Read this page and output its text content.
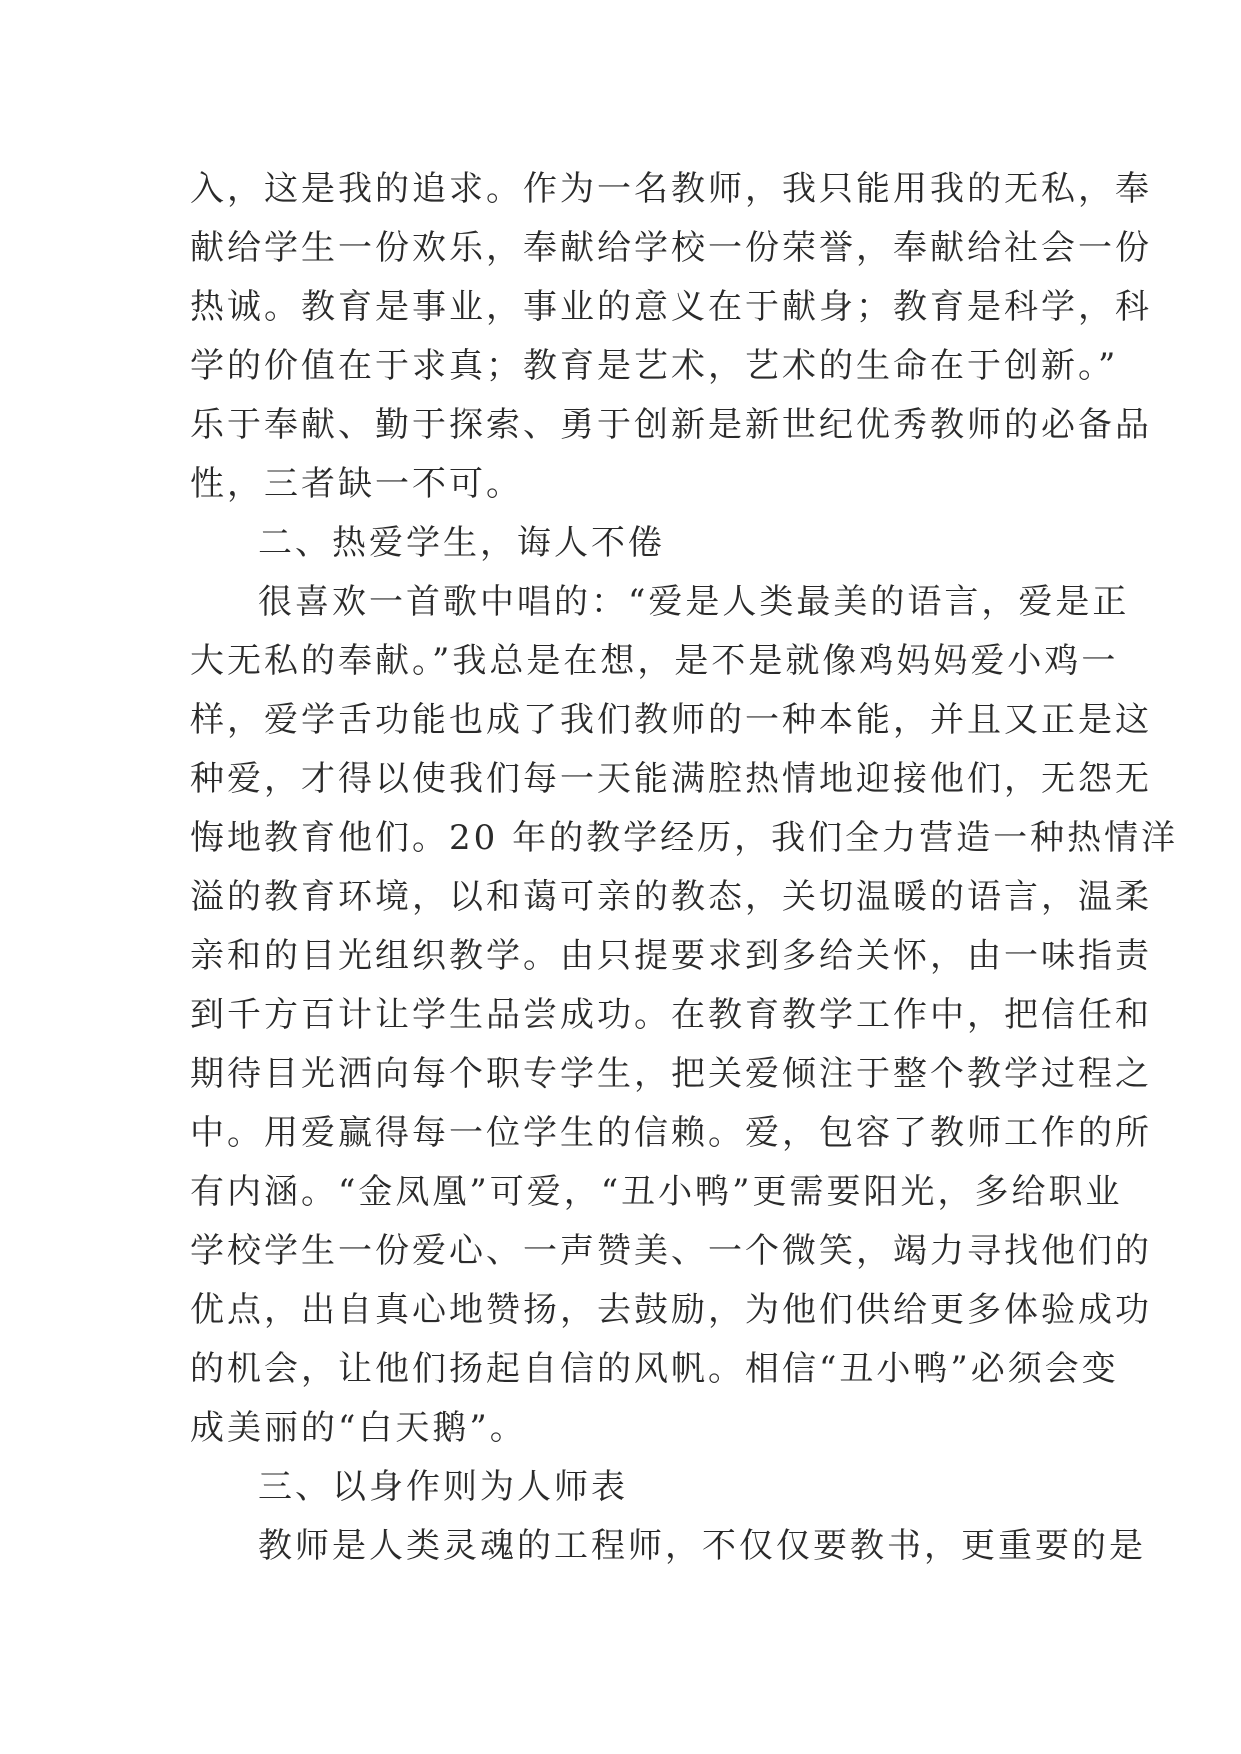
入，这是我的追求。作为一名教师，我只能用我的无私，奉
献给学生一份欢乐，奉献给学校一份荣誉，奉献给社会一份
热诚。教育是事业，事业的意义在于献身；教育是科学，科
学的价值在于求真；教育是艺术，艺术的生命在于创新。”
乐于奉献、勤于探索、勇于创新是新世纪优秀教师的必备品
性，三者缺一不可。
二、热爱学生，诲人不倦
很喜欢一首歌中唱的：“爱是人类最美的语言，爱是正
大无私的奉献。”我总是在想，是不是就像鸡妈妈爱小鸡一
样，爱学舌功能也成了我们教师的一种本能，并且又正是这
种爱，才得以使我们每一天能满腔热情地迎接他们，无怨无
悔地教育他们。20 年的教学经历，我们全力营造一种热情洋
溢的教育环境，以和蔼可亲的教态，关切温暖的语言，温柔
亲和的目光组织教学。由只提要求到多给关怀，由一味指责
到千方百计让学生品尝成功。在教育教学工作中，把信任和
期待目光洒向每个职专学生，把关爱倾注于整个教学过程之
中。用爱赢得每一位学生的信赖。爱，包容了教师工作的所
有内涵。“金凤凰”可爱，“丑小鸭”更需要阳光，多给职业
学校学生一份爱心、一声赞美、一个微笑，竭力寻找他们的
优点，出自真心地赞扬，去鼓励，为他们供给更多体验成功
的机会，让他们扬起自信的风帆。相信“丑小鸭”必须会变
成美丽的“白天鹅”。
三、以身作则为人师表
教师是人类灵魂的工程师，不仅仅要教书，更重要的是
